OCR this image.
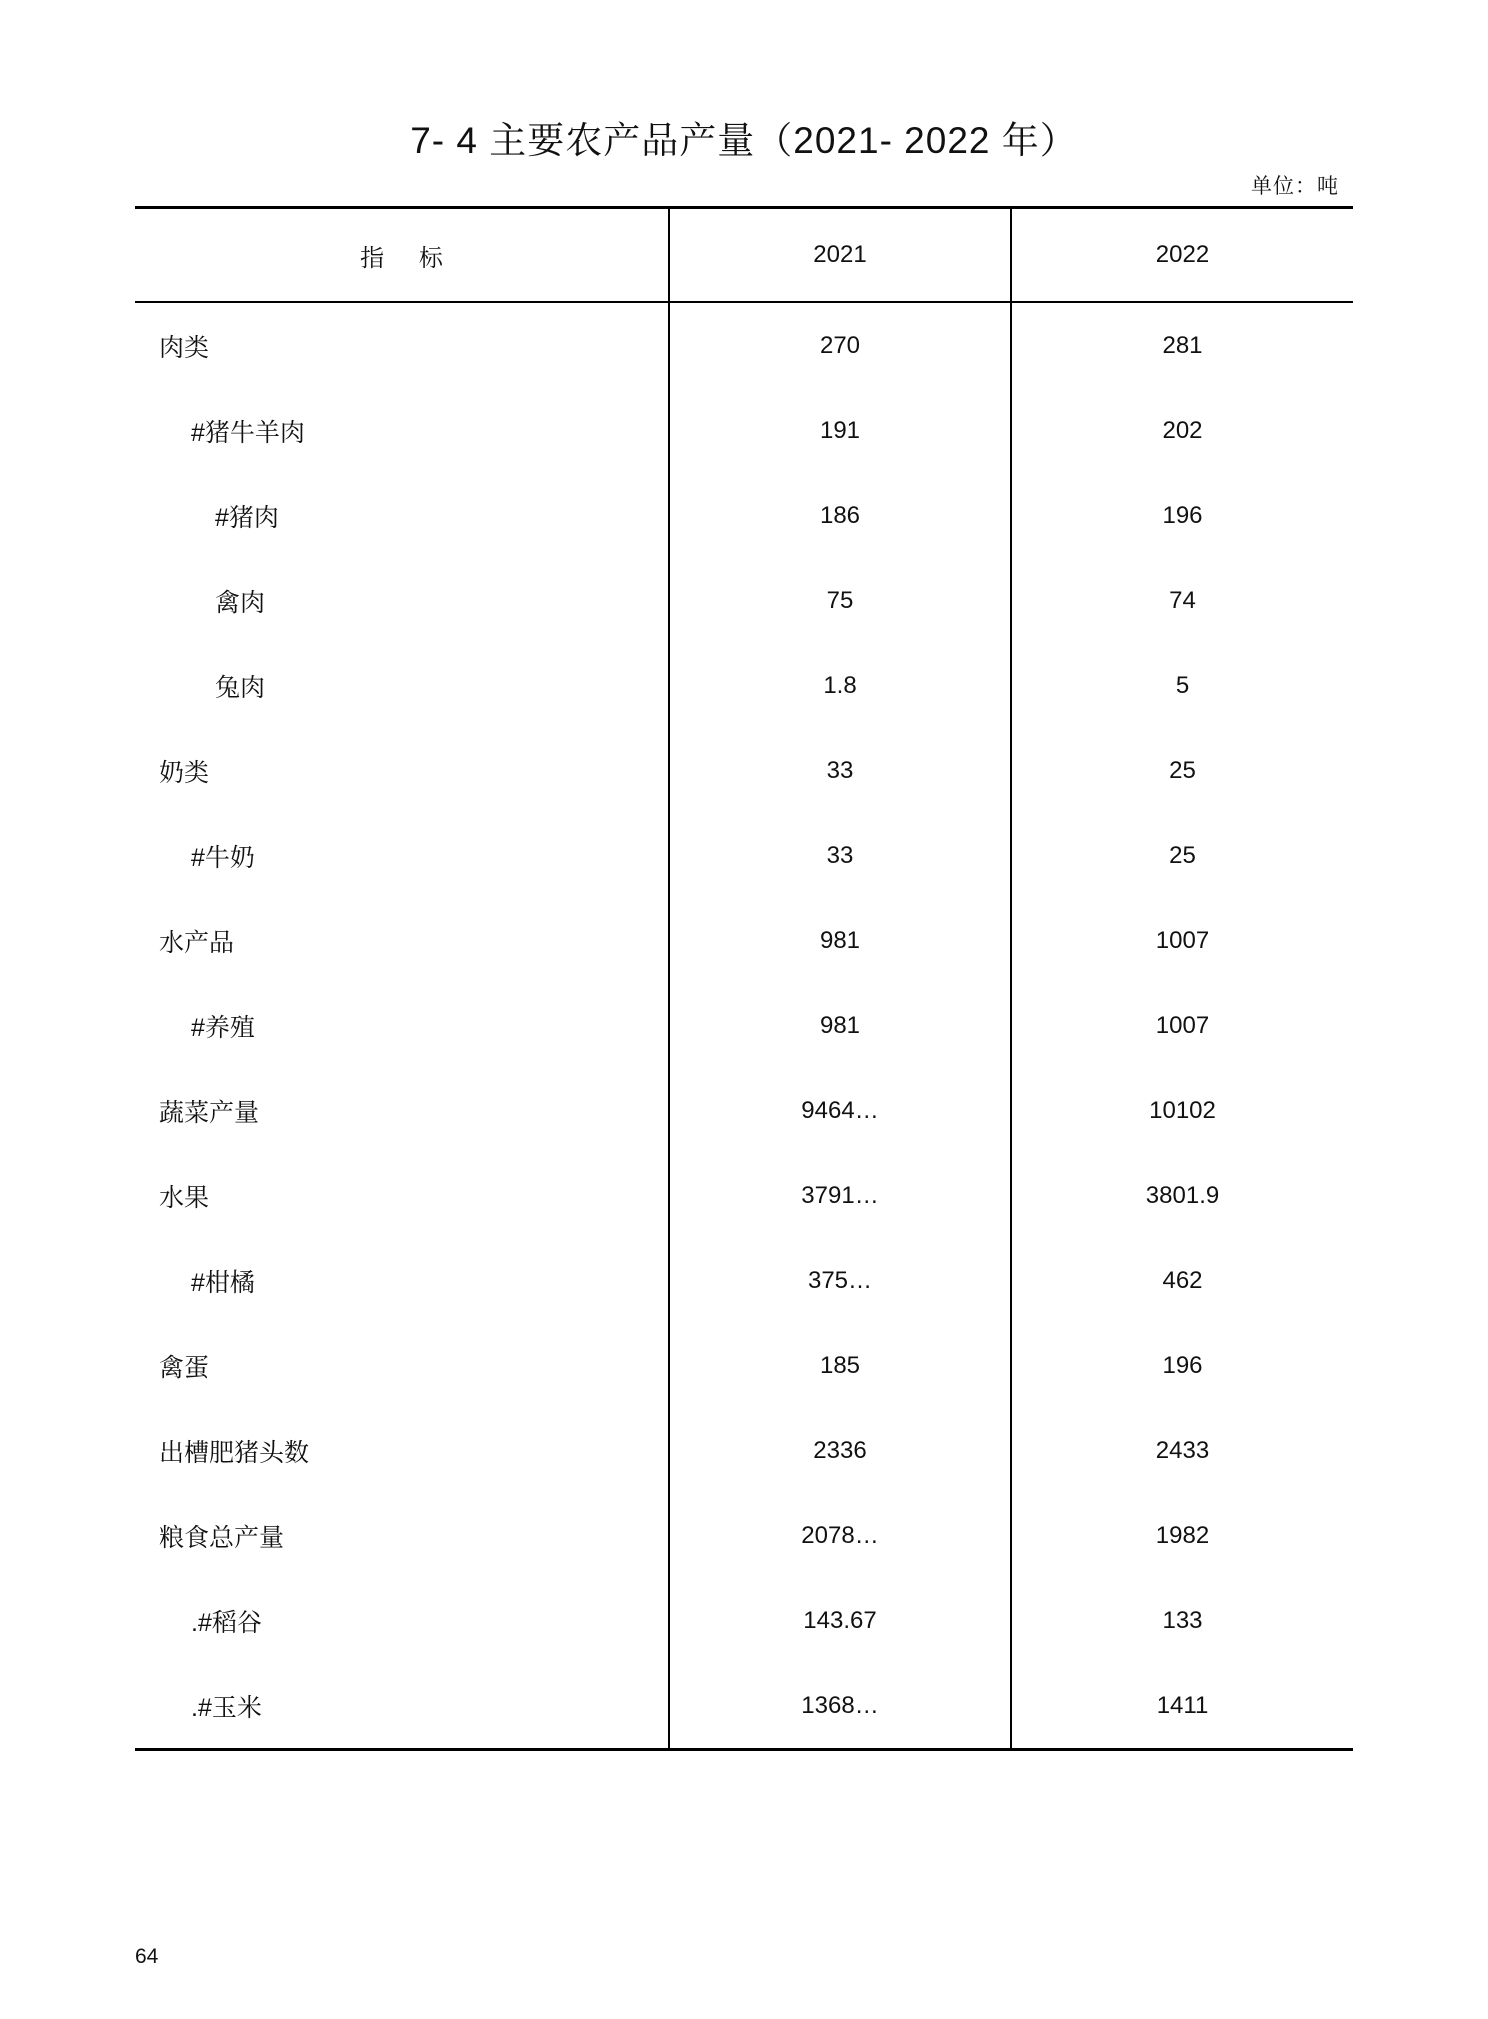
7- 4 主要农产品产量（2021- 2022 年）
单位：吨
指 标	2021	2022
肉类	270	281
#猪牛羊肉	191	202
#猪肉	186	196
禽肉	75	74
兔肉	1.8	5
奶类	33	25
#牛奶	33	25
水产品	981	1007
#养殖	981	1007
蔬菜产量	9464…	10102
水果	3791…	3801.9
#柑橘	375…	462
禽蛋	185	196
出槽肥猪头数	2336	2433
粮食总产量	2078…	1982
.#稻谷	143.67	133
.#玉米	1368…	1411
64
